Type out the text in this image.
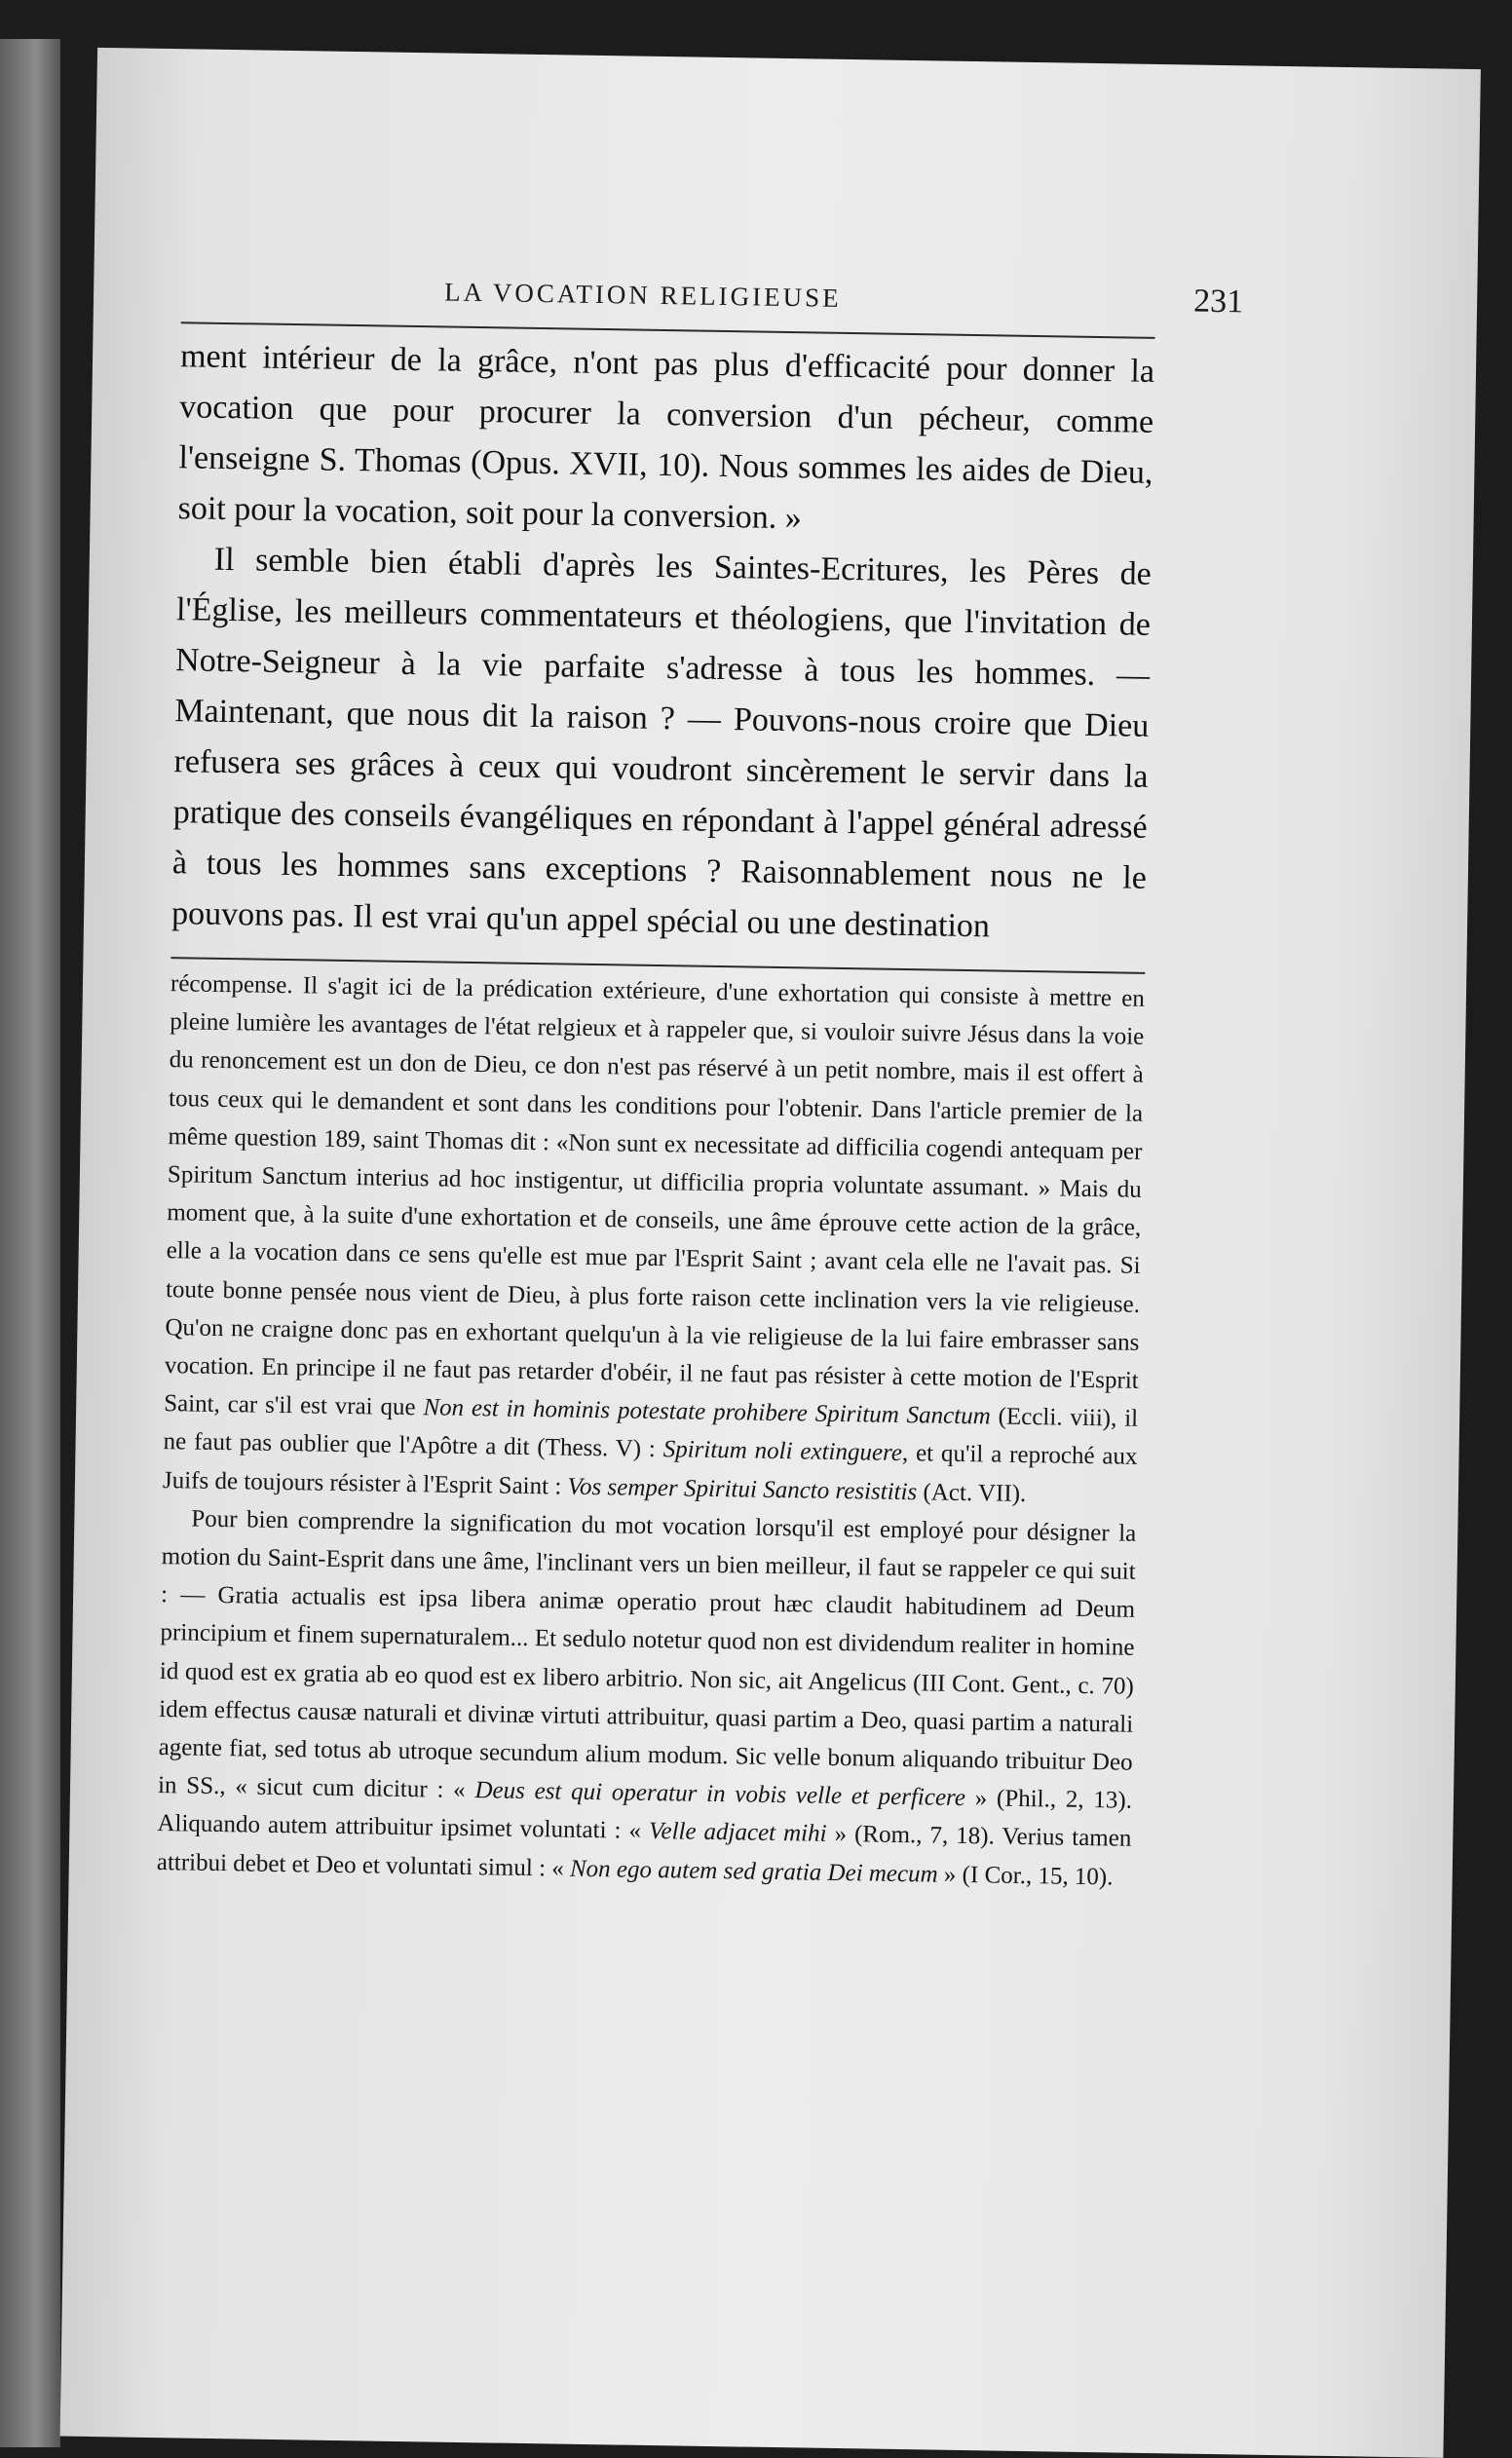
LA VOCATION RELIGIEUSE	231

ment intérieur de la grâce, n'ont pas plus d'efficacité pour donner la vocation que pour procurer la conversion d'un pécheur, comme l'enseigne S. Thomas (Opus. XVII, 10). Nous sommes les aides de Dieu, soit pour la vocation, soit pour la conversion. »

Il semble bien établi d'après les Saintes-Ecritures, les Pères de l'Église, les meilleurs commentateurs et théologiens, que l'invitation de Notre-Seigneur à la vie parfaite s'adresse à tous les hommes. — Maintenant, que nous dit la raison ? — Pouvons-nous croire que Dieu refusera ses grâces à ceux qui voudront sincèrement le servir dans la pratique des conseils évangéliques en répondant à l'appel général adressé à tous les hommes sans exceptions ? Raisonnablement nous ne le pouvons pas. Il est vrai qu'un appel spécial ou une destination

récompense. Il s'agit ici de la prédication extérieure, d'une exhortation qui consiste à mettre en pleine lumière les avantages de l'état relgieux et à rappeler que, si vouloir suivre Jésus dans la voie du renoncement est un don de Dieu, ce don n'est pas réservé à un petit nombre, mais il est offert à tous ceux qui le demandent et sont dans les conditions pour l'obtenir. Dans l'article premier de la même question 189, saint Thomas dit : «Non sunt ex necessitate ad difficilia cogendi antequam per Spiritum Sanctum interius ad hoc instigentur, ut difficilia propria voluntate assumant. » Mais du moment que, à la suite d'une exhortation et de conseils, une âme éprouve cette action de la grâce, elle a la vocation dans ce sens qu'elle est mue par l'Esprit Saint ; avant cela elle ne l'avait pas. Si toute bonne pensée nous vient de Dieu, à plus forte raison cette inclination vers la vie religieuse. Qu'on ne craigne donc pas en exhortant quelqu'un à la vie religieuse de la lui faire embrasser sans vocation. En principe il ne faut pas retarder d'obéir, il ne faut pas résister à cette motion de l'Esprit Saint, car s'il est vrai que Non est in hominis potestate prohibere Spiritum Sanctum (Eccli. viii), il ne faut pas oublier que l'Apôtre a dit (Thess. V) : Spiritum noli extinguere, et qu'il a reproché aux Juifs de toujours résister à l'Esprit Saint : Vos semper Spiritui Sancto resistitis (Act. VII).

Pour bien comprendre la signification du mot vocation lorsqu'il est employé pour désigner la motion du Saint-Esprit dans une âme, l'inclinant vers un bien meilleur, il faut se rappeler ce qui suit : — Gratia actualis est ipsa libera animæ operatio prout hæc claudit habitudinem ad Deum principium et finem supernaturalem... Et sedulo notetur quod non est dividendum realiter in homine id quod est ex gratia ab eo quod est ex libero arbitrio. Non sic, ait Angelicus (III Cont. Gent., c. 70) idem effectus causæ naturali et divinæ virtuti attribuitur, quasi partim a Deo, quasi partim a naturali agente fiat, sed totus ab utroque secundum alium modum. Sic velle bonum aliquando tribuitur Deo in SS., « sicut cum dicitur : « Deus est qui operatur in vobis velle et perficere » (Phil., 2, 13). Aliquando autem attribuitur ipsimet voluntati : « Velle adjacet mihi » (Rom., 7, 18). Verius tamen attribui debet et Deo et voluntati simul : « Non ego autem sed gratia Dei mecum » (I Cor., 15, 10).
